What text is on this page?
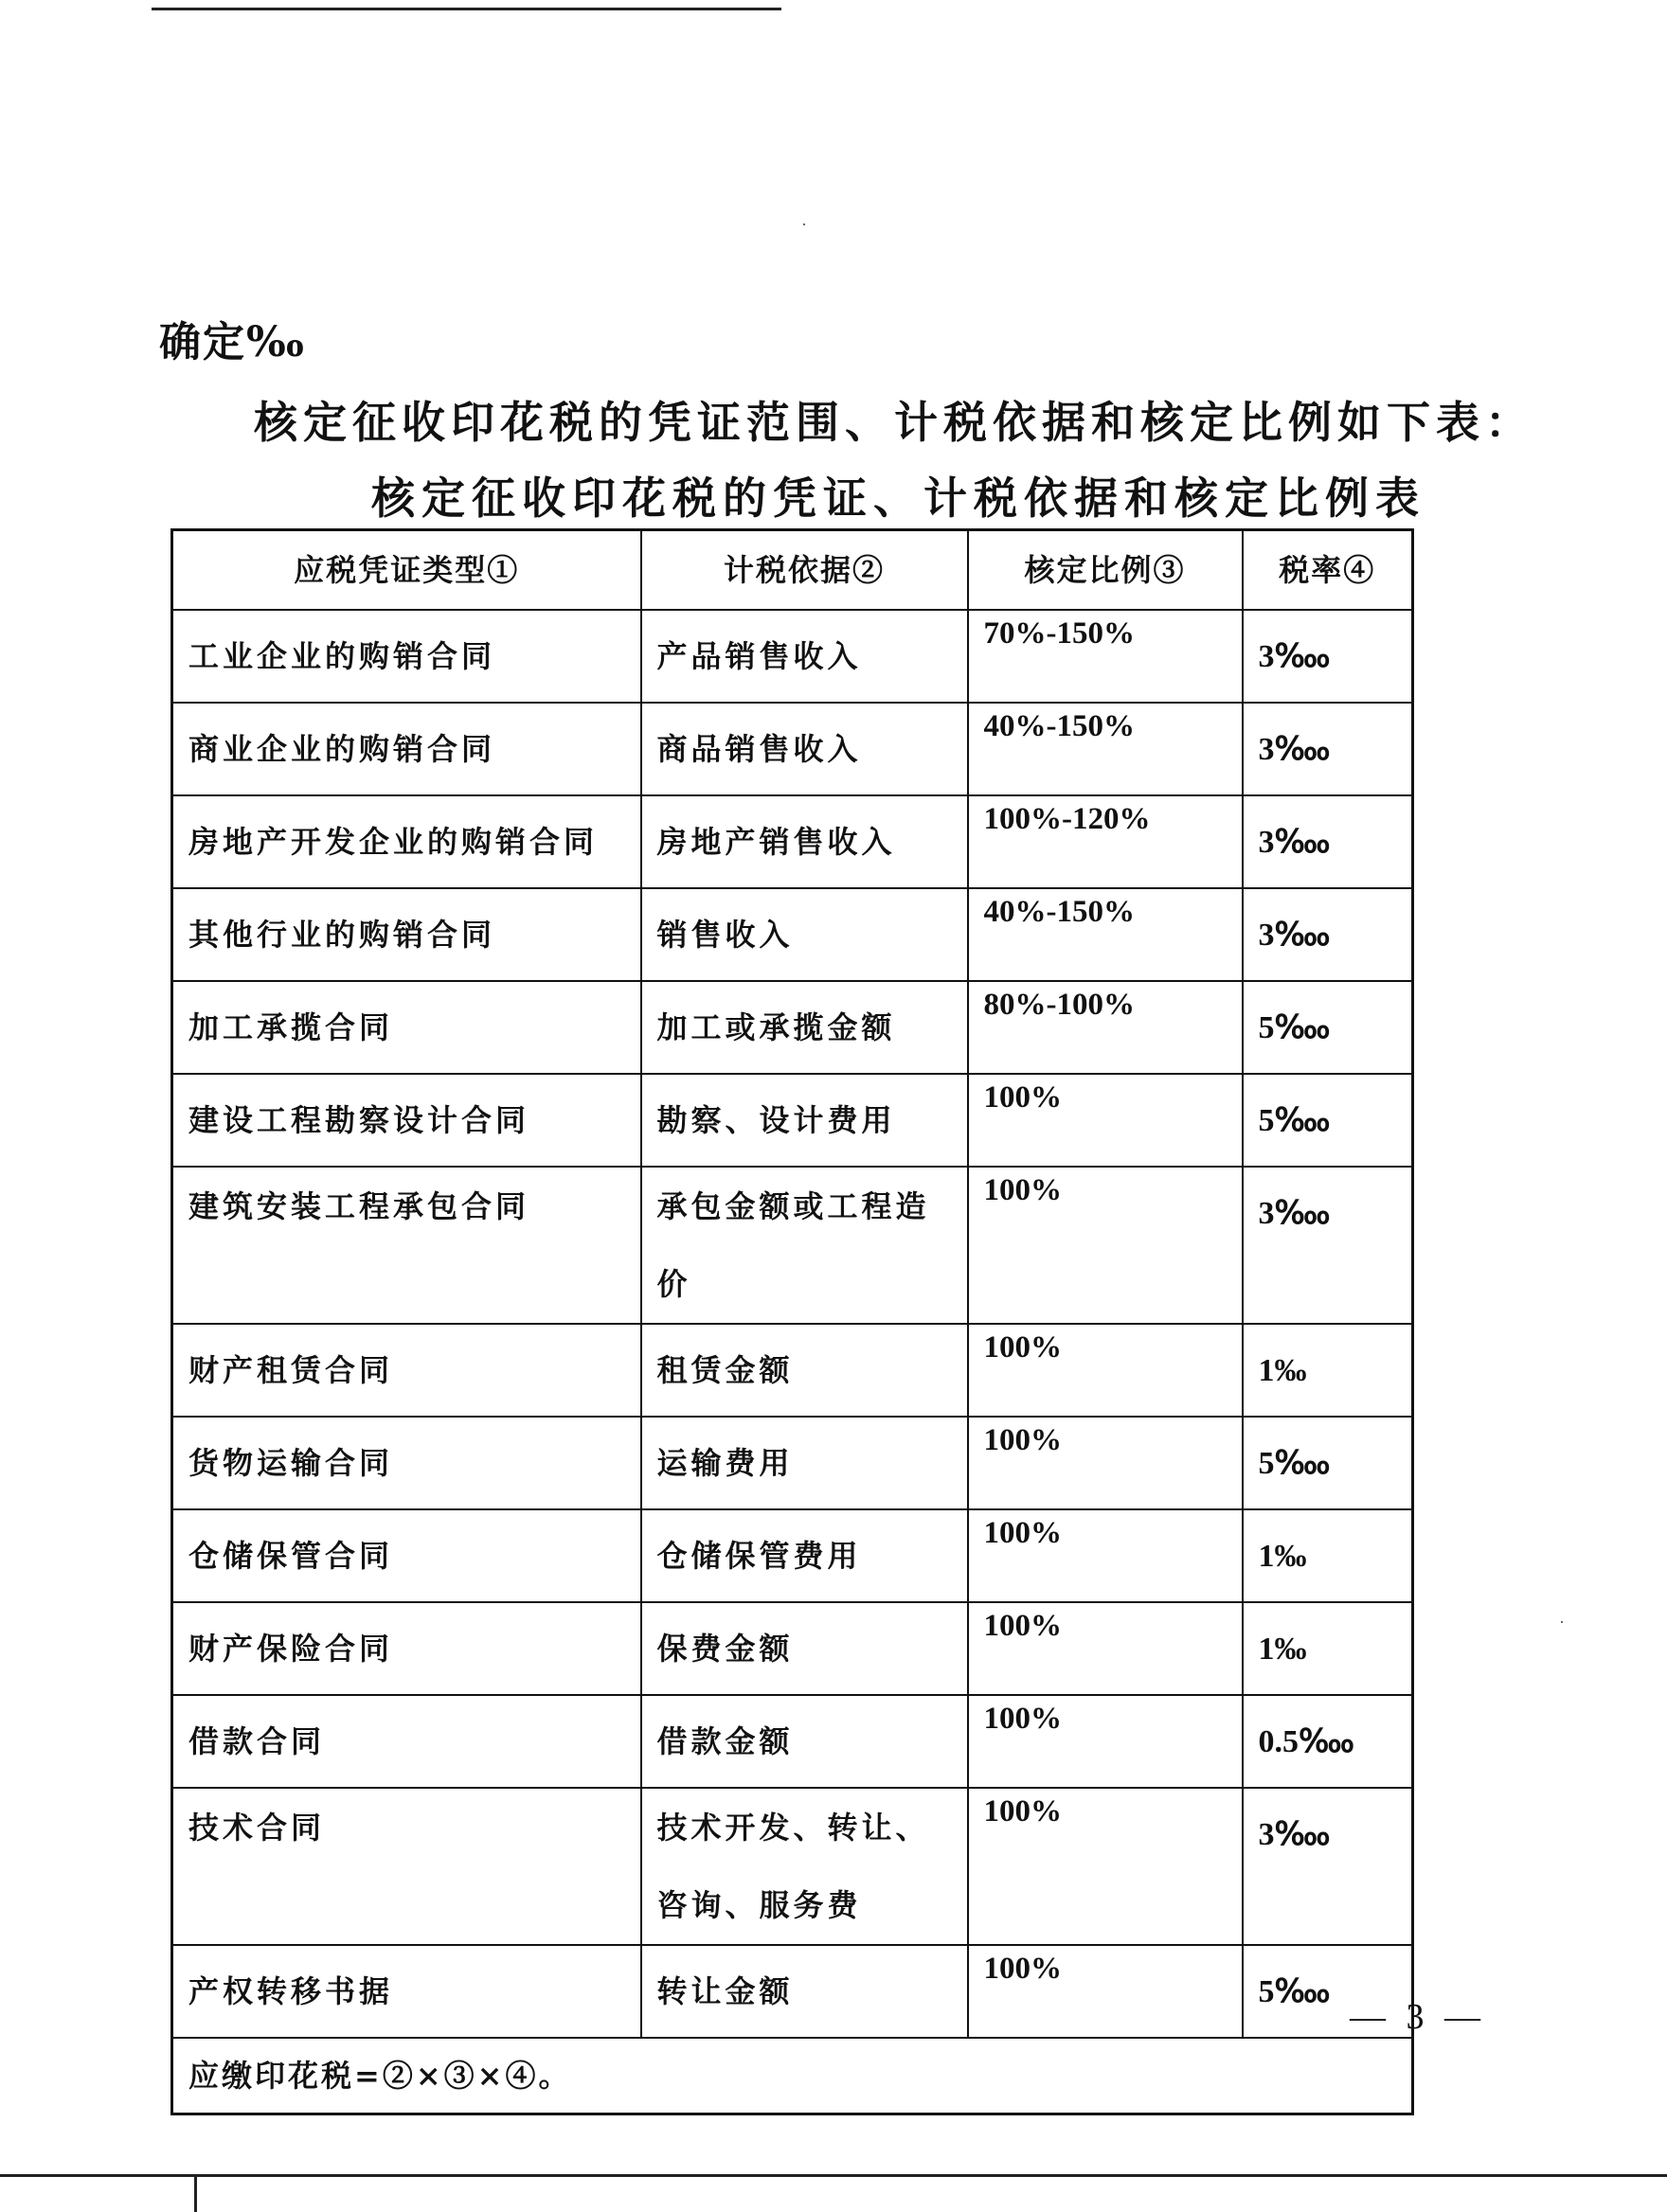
确定‰
核定征收印花税的凭证范围、计税依据和核定比例如下表：
核定征收印花税的凭证、计税依据和核定比例表
应税凭证类型①	计税依据②	核定比例③	税率④
工业企业的购销合同	产品销售收入	70%-150%	3‱
商业企业的购销合同	商品销售收入	40%-150%	3‱
房地产开发企业的购销合同	房地产销售收入	100%-120%	3‱
其他行业的购销合同	销售收入	40%-150%	3‱
加工承揽合同	加工或承揽金额	80%-100%	5‱
建设工程勘察设计合同	勘察、设计费用	100%	5‱
建筑安装工程承包合同	承包金额或工程造价	100%	3‱
财产租赁合同	租赁金额	100%	1‰
货物运输合同	运输费用	100%	5‱
仓储保管合同	仓储保管费用	100%	1‰
财产保险合同	保费金额	100%	1‰
借款合同	借款金额	100%	0.5‱
技术合同	技术开发、转让、咨询、服务费	100%	3‱
产权转移书据	转让金额	100%	5‱
应缴印花税=②×③×④。			
— 3 —
